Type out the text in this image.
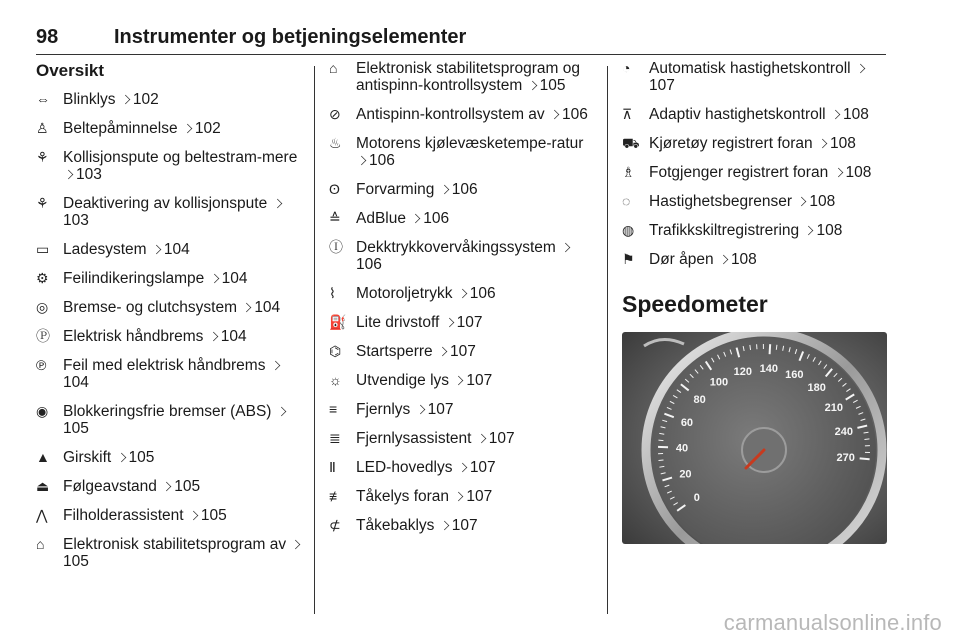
98	Instrumenter og betjeningselementer
Oversikt
⇔ Blinklys 102
♙ Beltepåminnelse 102
⚘ Kollisjonspute og beltestram-mere 103
⚘ Deaktivering av kollisjonspute 103
▭ Ladesystem 104
⚙ Feilindikeringslampe 104
◎ Bremse- og clutchsystem 104
Ⓟ Elektrisk håndbrems 104
℗	Feil med elektrisk håndbrems 104
◉ Blokkeringsfrie bremser (ABS) 105
▲ Girskift 105
⏏ Følgeavstand 105
⋀	Filholderassistent 105
⌂	Elektronisk stabilitetsprogram av 105
⌂	Elektronisk stabilitetsprogram og antispinn-kontrollsystem 105
⊘ Antispinn-kontrollsystem av 106
♨ Motorens kjølevæsketempe-ratur 106
ʘ	Forvarming 106
≙ AdBlue 106
Ⓘ Dekktrykkovervåkingssystem 106
⌇	Motoroljetrykk 106
⛽ Lite drivstoff 107
⌬ Startsperre 107
☼ Utvendige lys 107
≡	Fjernlys 107
≣ Fjernlysassistent 107
Ⅱ	LED-hovedlys 107
≢ Tåkelys foran 107
⊄ Tåkebaklys 107
◔	Automatisk hastighetskontroll 107
⊼	Adaptiv hastighetskontroll 108
⛟ Kjøretøy registrert foran 108
♗ Fotgjenger registrert foran 108
◌	Hastighetsbegrenser 108
◍ Trafikkskiltregistrering 108
⚑ Dør åpen 108
Speedometer
0
20
40
60
80
100
120 140 160
180
210
240
270
carmanualsonline.info
